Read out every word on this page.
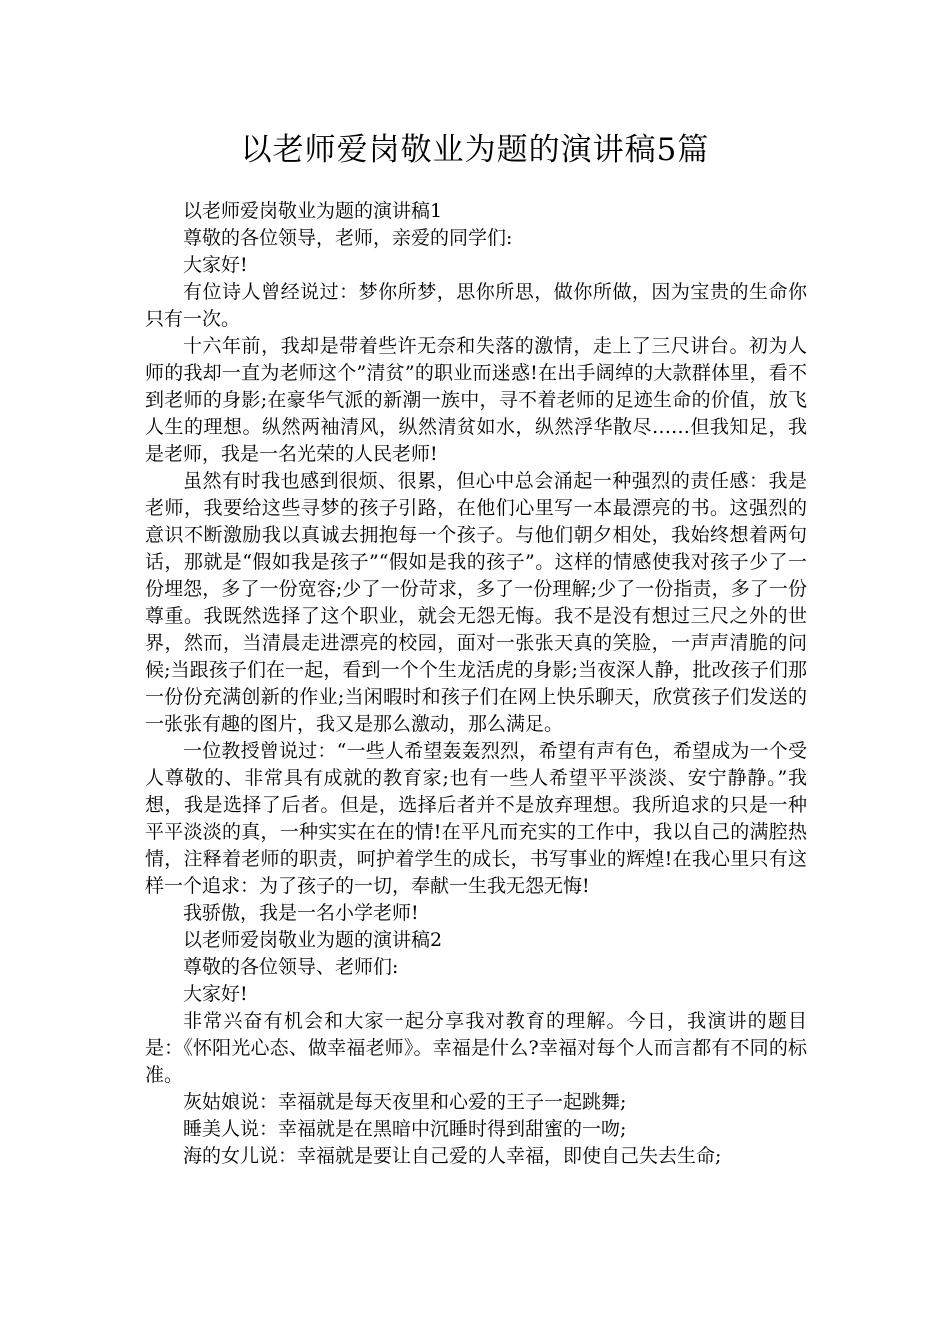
以老师爱岗敬业为题的演讲稿5篇

以老师爱岗敬业为题的演讲稿1

尊敬的各位领导，老师，亲爱的同学们:

大家好!

有位诗人曾经说过：梦你所梦，思你所思，做你所做，因为宝贵的生命你只有一次。

十六年前，我却是带着些许无奈和失落的激情，走上了三尺讲台。初为人师的我却一直为老师这个”清贫”的职业而迷惑!在出手阔绰的大款群体里，看不到老师的身影;在豪华气派的新潮一族中，寻不着老师的足迹生命的价值，放飞人生的理想。纵然两袖清风，纵然清贫如水，纵然浮华散尽……但我知足，我是老师，我是一名光荣的人民老师!

虽然有时我也感到很烦、很累，但心中总会涌起一种强烈的责任感：我是老师，我要给这些寻梦的孩子引路，在他们心里写一本最漂亮的书。这强烈的意识不断激励我以真诚去拥抱每一个孩子。与他们朝夕相处，我始终想着两句话，那就是“假如我是孩子”“假如是我的孩子”。这样的情感使我对孩子少了一份埋怨，多了一份宽容;少了一份苛求，多了一份理解;少了一份指责，多了一份尊重。我既然选择了这个职业，就会无怨无悔。我不是没有想过三尺之外的世界，然而，当清晨走进漂亮的校园，面对一张张天真的笑脸，一声声清脆的问候;当跟孩子们在一起，看到一个个生龙活虎的身影;当夜深人静，批改孩子们那一份份充满创新的作业;当闲暇时和孩子们在网上快乐聊天，欣赏孩子们发送的一张张有趣的图片，我又是那么激动，那么满足。

一位教授曾说过：“一些人希望轰轰烈烈，希望有声有色，希望成为一个受人尊敬的、非常具有成就的教育家;也有一些人希望平平淡淡、安宁静静。”我想，我是选择了后者。但是，选择后者并不是放弃理想。我所追求的只是一种平平淡淡的真，一种实实在在的情!在平凡而充实的工作中，我以自己的满腔热情，注释着老师的职责，呵护着学生的成长，书写事业的辉煌!在我心里只有这样一个追求：为了孩子的一切，奉献一生我无怨无悔!

我骄傲，我是一名小学老师!

以老师爱岗敬业为题的演讲稿2

尊敬的各位领导、老师们:

大家好!

非常兴奋有机会和大家一起分享我对教育的理解。今日，我演讲的题目是：《怀阳光心态、做幸福老师》。幸福是什么?幸福对每个人而言都有不同的标准。

灰姑娘说：幸福就是每天夜里和心爱的王子一起跳舞;

睡美人说：幸福就是在黑暗中沉睡时得到甜蜜的一吻;

海的女儿说：幸福就是要让自己爱的人幸福，即使自己失去生命;
